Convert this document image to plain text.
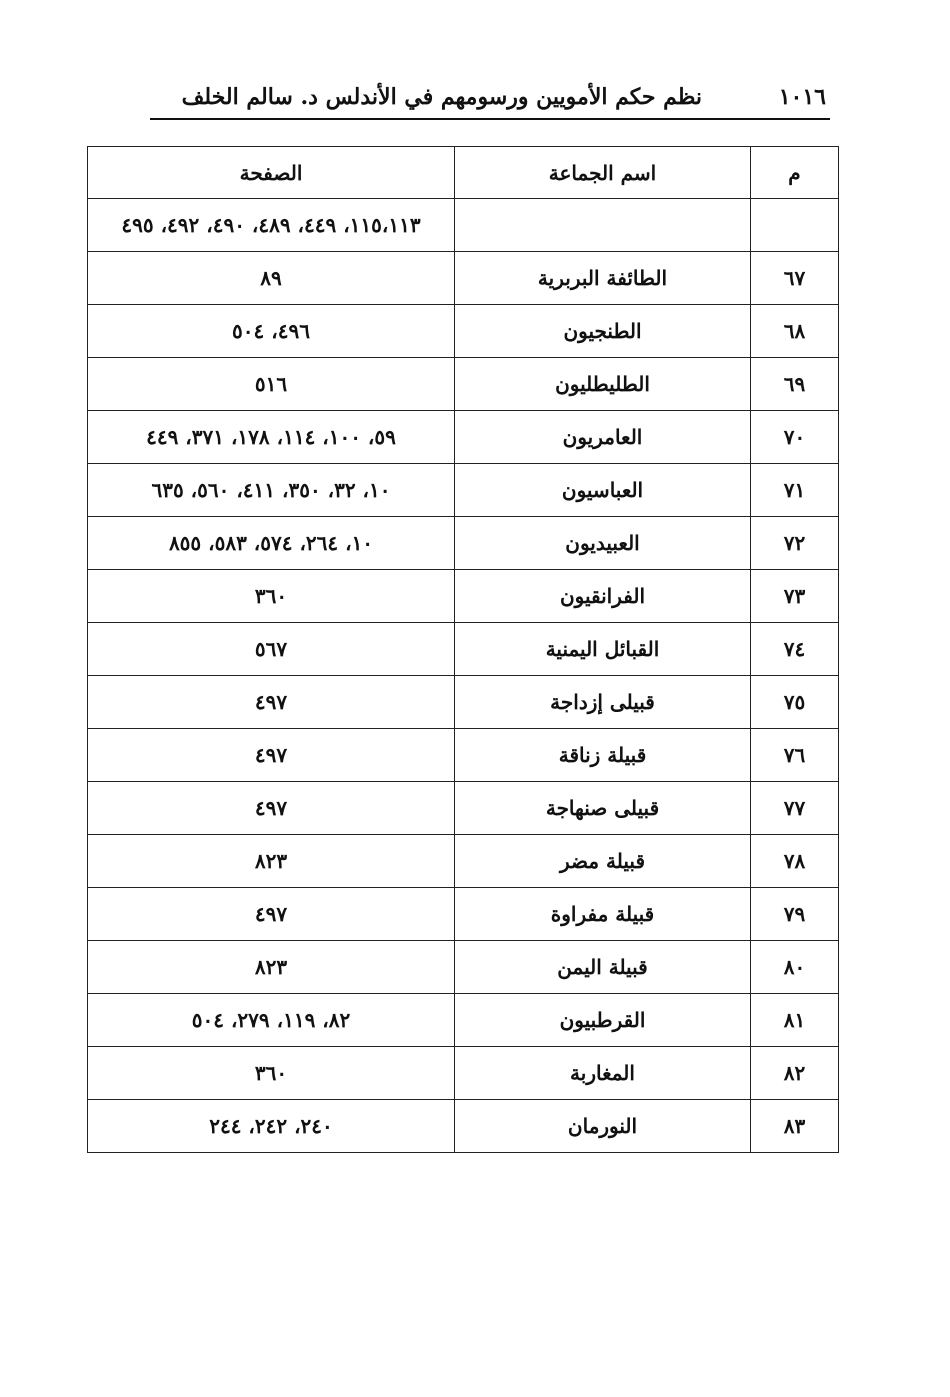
١٠١٦
نظم حكم الأمويين ورسومهم في الأندلس د. سالم الخلف
م	اسم الجماعة	الصفحة
		١١٥،١١٣، ٤٤٩، ٤٨٩، ٤٩٠، ٤٩٢، ٤٩٥
٦٧	الطائفة البربرية	٨٩
٦٨	الطنجيون	٤٩٦، ٥٠٤
٦٩	الطليطليون	٥١٦
٧٠	العامريون	٥٩، ١٠٠، ١١٤، ١٧٨، ٣٧١، ٤٤٩
٧١	العباسيون	١٠، ٣٢، ٣٥٠، ٤١١، ٥٦٠، ٦٣٥
٧٢	العبيديون	١٠، ٢٦٤، ٥٧٤، ٥٨٣، ٨٥٥
٧٣	الفرانقيون	٣٦٠
٧٤	القبائل اليمنية	٥٦٧
٧٥	قبيلى إزداجة	٤٩٧
٧٦	قبيلة زناقة	٤٩٧
٧٧	قبيلى صنهاجة	٤٩٧
٧٨	قبيلة مضر	٨٢٣
٧٩	قبيلة مفراوة	٤٩٧
٨٠	قبيلة اليمن	٨٢٣
٨١	القرطبيون	٨٢، ١١٩، ٢٧٩، ٥٠٤
٨٢	المغاربة	٣٦٠
٨٣	النورمان	٢٤٠، ٢٤٢، ٢٤٤
